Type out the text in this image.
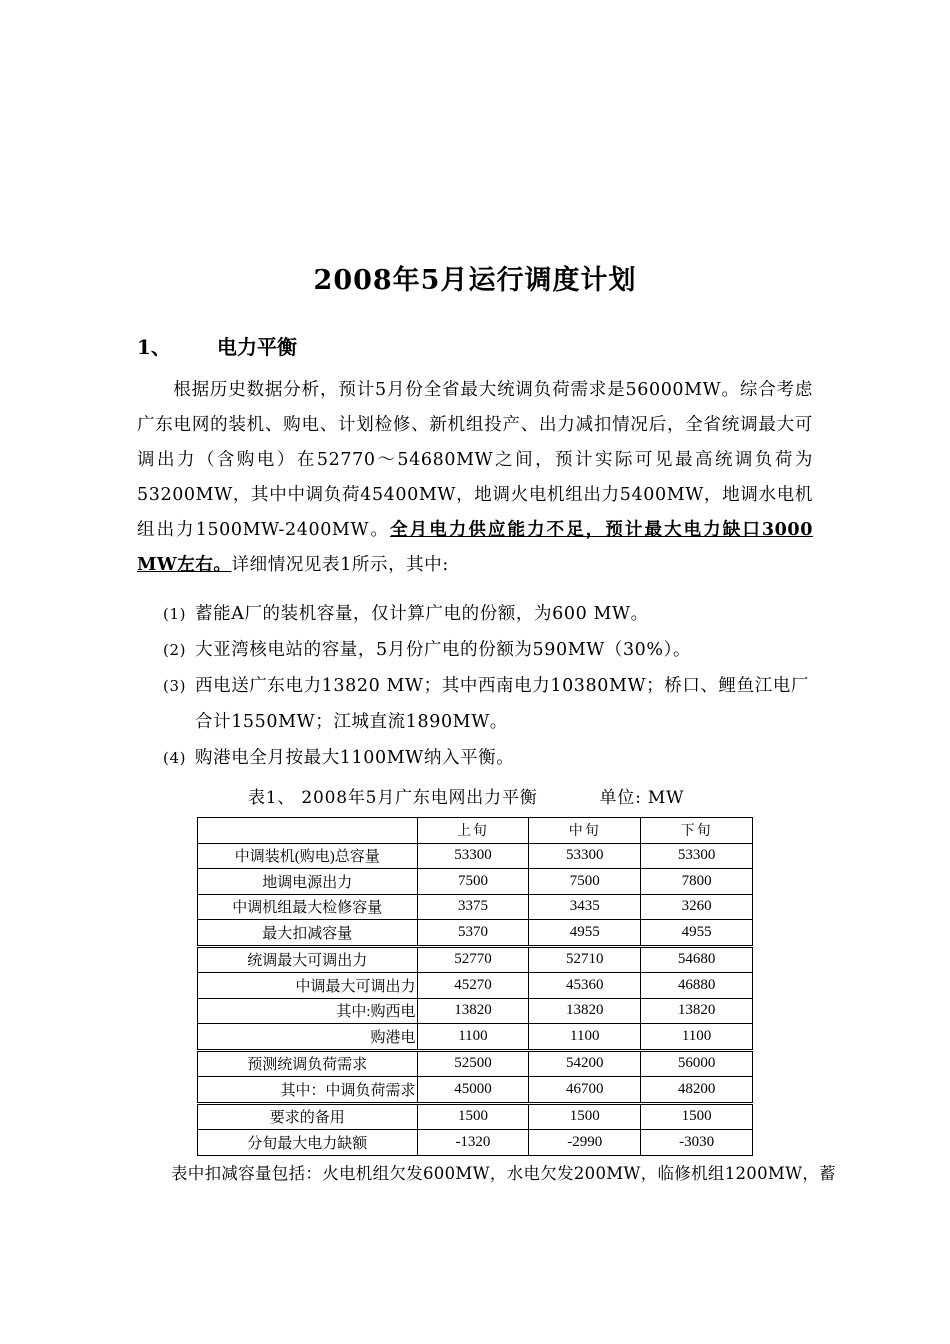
2008年5月运行调度计划
1、 电力平衡
根据历史数据分析，预计5月份全省最大统调负荷需求是56000MW。综合考虑广东电网的装机、购电、计划检修、新机组投产、出力减扣情况后，全省统调最大可调出力（含购电）在52770～54680MW之间，预计实际可见最高统调负荷为53200MW，其中中调负荷45400MW，地调火电机组出力5400MW，地调水电机组出力1500MW-2400MW。全月电力供应能力不足，预计最大电力缺口3000 MW左右。详细情况见表1所示，其中:
(1) 蓄能A厂的装机容量，仅计算广电的份额，为600 MW。
(2) 大亚湾核电站的容量，5月份广电的份额为590MW（30%）。
(3) 西电送广东电力13820 MW；其中西南电力10380MW；桥口、鲤鱼江电厂合计1550MW；江城直流1890MW。
(4) 购港电全月按最大1100MW纳入平衡。
表1、 2008年5月广东电网出力平衡	单位: MW
	上旬	中旬	下旬
中调装机(购电)总容量	53300	53300	53300
地调电源出力	7500	7500	7800
中调机组最大检修容量	3375	3435	3260
最大扣减容量	5370	4955	4955
统调最大可调出力	52770	52710	54680
中调最大可调出力	45270	45360	46880
其中:购西电	13820	13820	13820
购港电	1100	1100	1100
预测统调负荷需求	52500	54200	56000
其中：中调负荷需求	45000	46700	48200
要求的备用	1500	1500	1500
分旬最大电力缺额	-1320	-2990	-3030
表中扣减容量包括：火电机组欠发600MW，水电欠发200MW，临修机组1200MW，蓄
